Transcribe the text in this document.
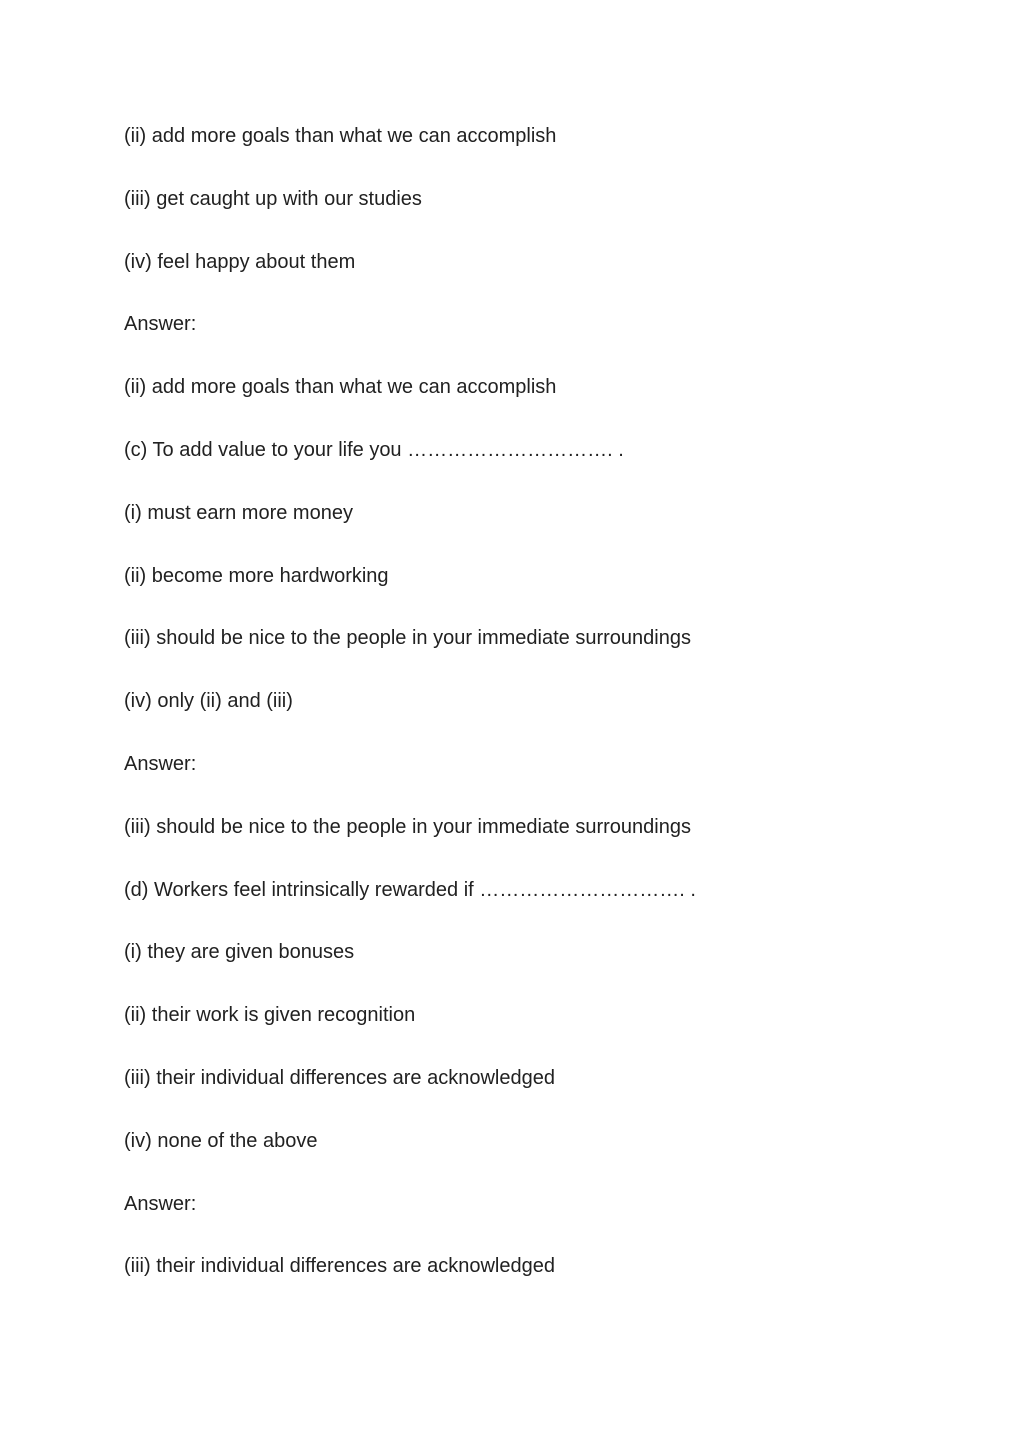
(ii) add more goals than what we can accomplish

(iii) get caught up with our studies

(iv) feel happy about them

Answer:

(ii) add more goals than what we can accomplish

(c) To add value to your life you …………………………. .

(i) must earn more money

(ii) become more hardworking

(iii) should be nice to the people in your immediate surroundings

(iv) only (ii) and (iii)

Answer:

(iii) should be nice to the people in your immediate surroundings

(d) Workers feel intrinsically rewarded if …………………………. .

(i) they are given bonuses

(ii) their work is given recognition

(iii) their individual differences are acknowledged

(iv) none of the above

Answer:

(iii) their individual differences are acknowledged
